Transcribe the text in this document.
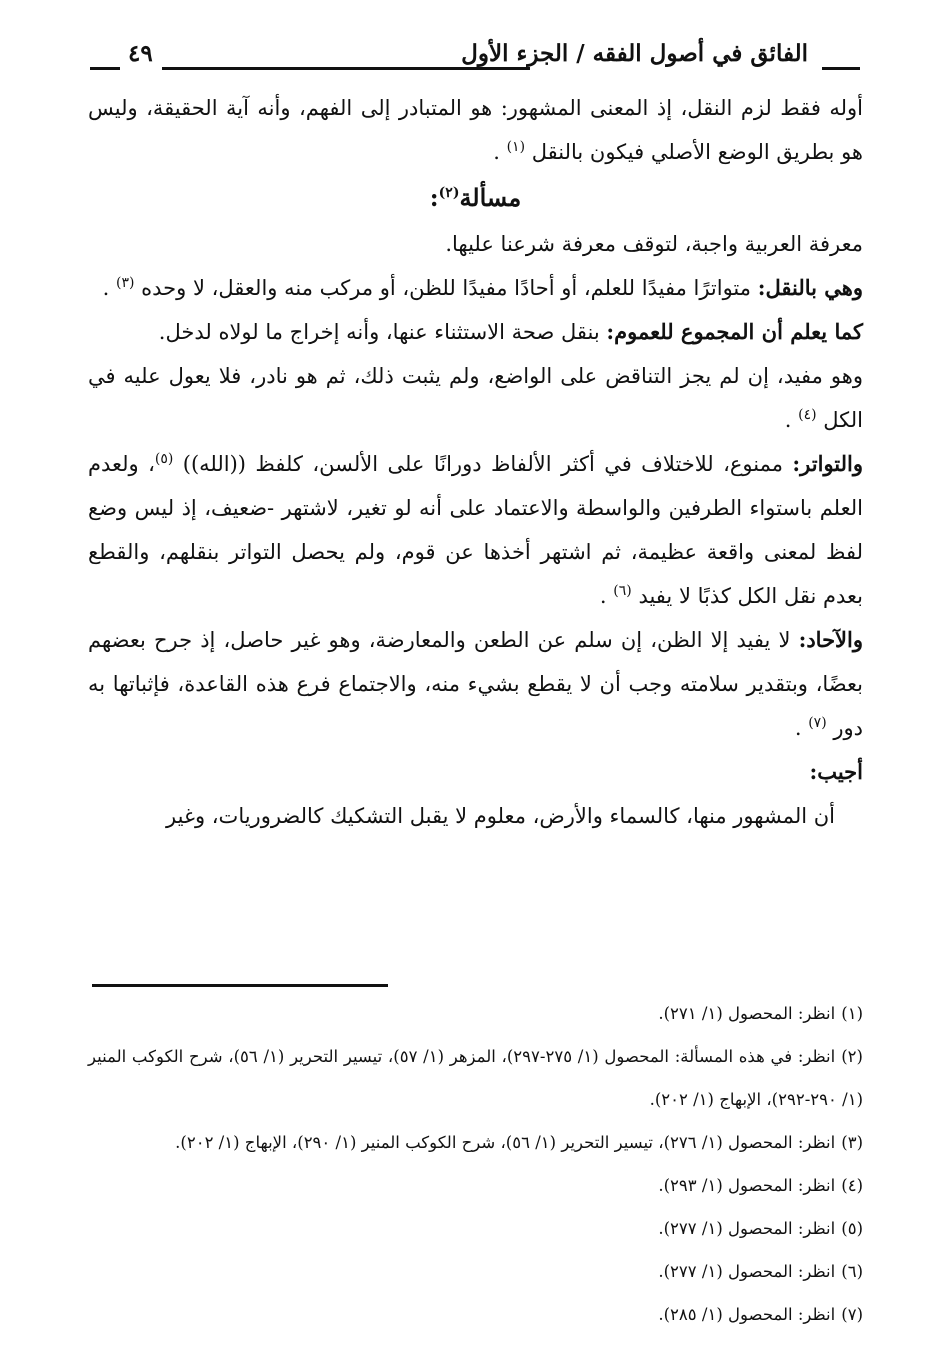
الفائق في أصول الفقه / الجزء الأول
٤٩

أوله فقط لزم النقل، إذ المعنى المشهور: هو المتبادر إلى الفهم، وأنه آية الحقيقة، وليس هو بطريق الوضع الأصلي فيكون بالنقل $^{(١)}$ .

مسألة$^{(٢)}$:

معرفة العربية واجبة، لتوقف معرفة شرعنا عليها.

وهي بالنقل: متواترًا مفيدًا للعلم، أو أحادًا مفيدًا للظن، أو مركب منه والعقل، لا وحده $^{(٣)}$ .

كما يعلم أن المجموع للعموم: بنقل صحة الاستثناء عنها، وأنه إخراج ما لولاه لدخل.

وهو مفيد، إن لم يجز التناقض على الواضع، ولم يثبت ذلك، ثم هو نادر، فلا يعول عليه في الكل $^{(٤)}$ .

والتواتر: ممنوع، للاختلاف في أكثر الألفاظ دورانًا على الألسن، كلفظ ((الله)) $^{(٥)}$، ولعدم العلم باستواء الطرفين والواسطة والاعتماد على أنه لو تغير، لاشتهر -ضعيف، إذ ليس وضع لفظ لمعنى واقعة عظيمة، ثم اشتهر أخذها عن قوم، ولم يحصل التواتر بنقلهم، والقطع بعدم نقل الكل كذبًا لا يفيد $^{(٦)}$ .

والآحاد: لا يفيد إلا الظن، إن سلم عن الطعن والمعارضة، وهو غير حاصل، إذ جرح بعضهم بعضًا، وبتقدير سلامته وجب أن لا يقطع بشيء منه، والاجتماع فرع هذه القاعدة، فإثباتها به دور $^{(٧)}$ .

أجيب:

أن المشهور منها، كالسماء والأرض، معلوم لا يقبل التشكيك كالضروريات، وغير

(١)انظر: المحصول (١/ ٢٧١).

(٢)انظر: في هذه المسألة: المحصول (١/ ٢٧٥-٢٩٧)، المزهر (١/ ٥٧)، تيسير التحرير (١/ ٥٦)، شرح الكوكب المنير (١/ ٢٩٠-٢٩٢)، الإبهاج (١/ ٢٠٢).

(٣)انظر: المحصول (١/ ٢٧٦)، تيسير التحرير (١/ ٥٦)، شرح الكوكب المنير (١/ ٢٩٠)، الإبهاج (١/ ٢٠٢).

(٤)انظر: المحصول (١/ ٢٩٣).

(٥)انظر: المحصول (١/ ٢٧٧).

(٦)انظر: المحصول (١/ ٢٧٧).

(٧)انظر: المحصول (١/ ٢٨٥).
